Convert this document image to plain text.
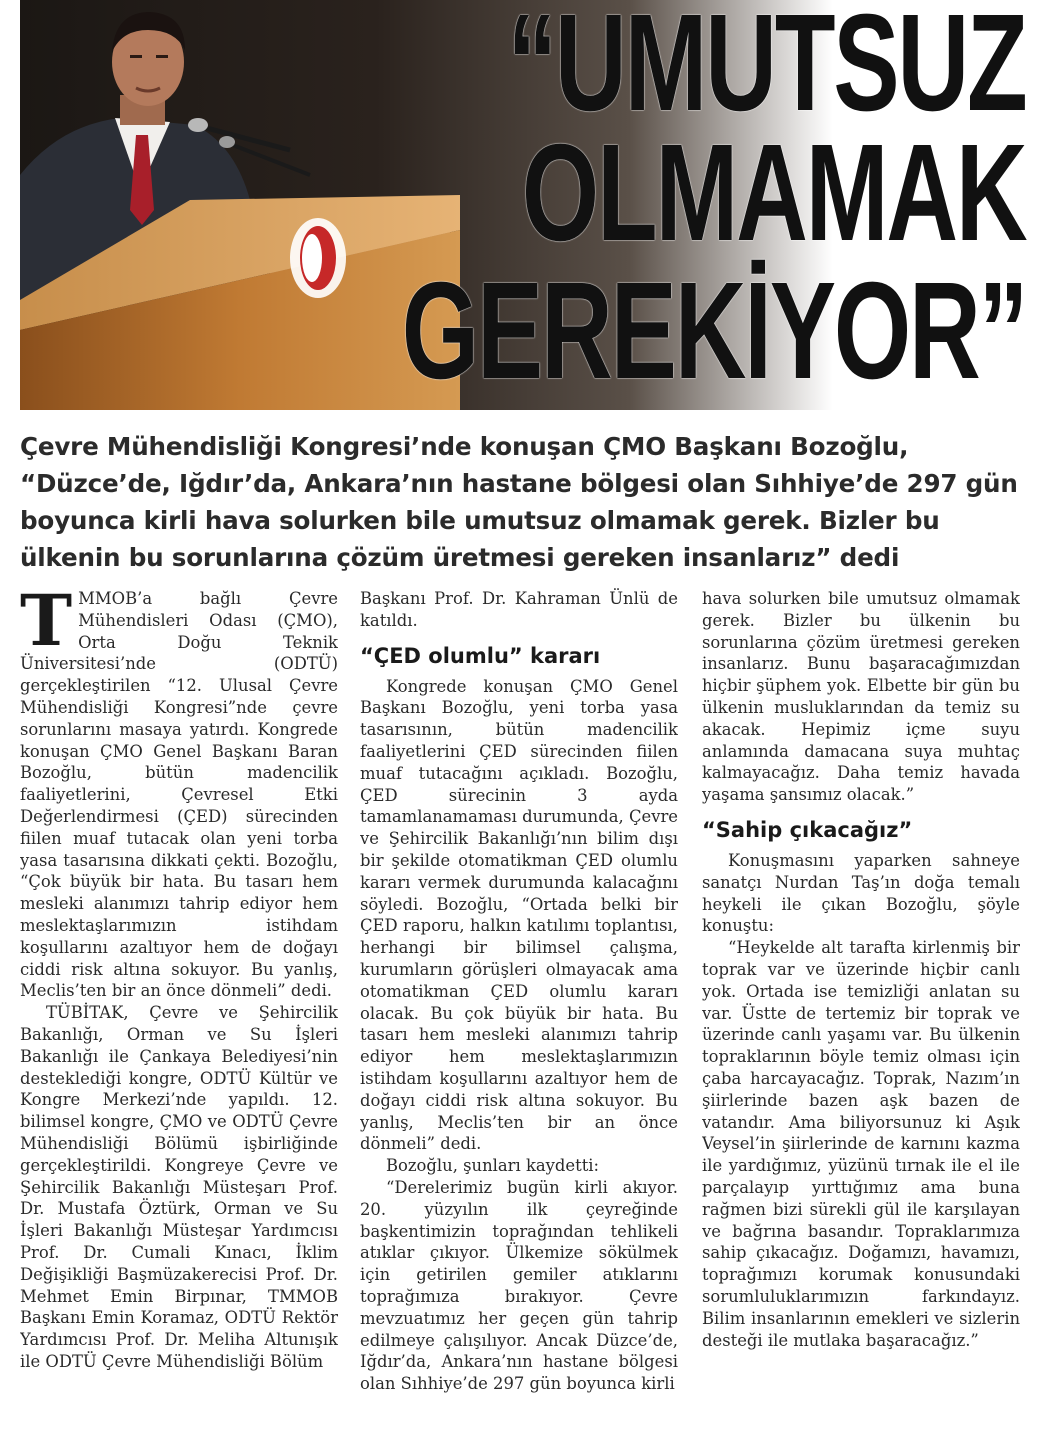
“UMUTSUZ
OLMAMAK
GEREKİYOR”
Çevre Mühendisliği Kongresi’nde konuşan ÇMO Başkanı Bozoğlu, “Düzce’de, Iğdır’da, Ankara’nın hastane bölgesi olan Sıhhiye’de 297 gün boyunca kirli hava solurken bile umutsuz olmamak gerek. Bizler bu ülkenin bu sorunlarına çözüm üretmesi gereken insanlarız” dedi

TMMOB’a bağlı Çevre Mühendisleri Odası (ÇMO), Orta Doğu Teknik Üniversitesi’nde (ODTÜ) gerçekleştirilen “12. Ulusal Çevre Mühendisliği Kongresi”nde çevre sorunlarını masaya yatırdı. Kongrede konuşan ÇMO Genel Başkanı Baran Bozoğlu, bütün madencilik faaliyetlerini, Çevresel Etki Değerlendirmesi (ÇED) sürecinden fiilen muaf tutacak olan yeni torba yasa tasarısına dikkati çekti. Bozoğlu, “Çok büyük bir hata. Bu tasarı hem mesleki alanımızı tahrip ediyor hem meslektaşlarımızın istihdam koşullarını azaltıyor hem de doğayı ciddi risk altına sokuyor. Bu yanlış, Meclis’ten bir an önce dönmeli” dedi.

TÜBİTAK, Çevre ve Şehircilik Bakanlığı, Orman ve Su İşleri Bakanlığı ile Çankaya Belediyesi’nin desteklediği kongre, ODTÜ Kültür ve Kongre Merkezi’nde yapıldı. 12. bilimsel kongre, ÇMO ve ODTÜ Çevre Mühendisliği Bölümü işbirliğinde gerçekleştirildi. Kongreye Çevre ve Şehircilik Bakanlığı Müsteşarı Prof. Dr. Mustafa Öztürk, Orman ve Su İşleri Bakanlığı Müsteşar Yardımcısı Prof. Dr. Cumali Kınacı, İklim Değişikliği Başmüzakerecisi Prof. Dr. Mehmet Emin Birpınar, TMMOB Başkanı Emin Koramaz, ODTÜ Rektör Yardımcısı Prof. Dr. Meliha Altunışık ile ODTÜ Çevre Mühendisliği Bölüm

Başkanı Prof. Dr. Kahraman Ünlü de katıldı.

“ÇED olumlu” kararı

Kongrede konuşan ÇMO Genel Başkanı Bozoğlu, yeni torba yasa tasarısının, bütün madencilik faaliyetlerini ÇED sürecinden fiilen muaf tutacağını açıkladı. Bozoğlu, ÇED sürecinin 3 ayda tamamlanamaması durumunda, Çevre ve Şehircilik Bakanlığı’nın bilim dışı bir şekilde otomatikman ÇED olumlu kararı vermek durumunda kalacağını söyledi. Bozoğlu, “Ortada belki bir ÇED raporu, halkın katılımı toplantısı, herhangi bir bilimsel çalışma, kurumların görüşleri olmayacak ama otomatikman ÇED olumlu kararı olacak. Bu çok büyük bir hata. Bu tasarı hem mesleki alanımızı tahrip ediyor hem meslektaşlarımızın istihdam koşullarını azaltıyor hem de doğayı ciddi risk altına sokuyor. Bu yanlış, Meclis’ten bir an önce dönmeli” dedi.

Bozoğlu, şunları kaydetti:

“Derelerimiz bugün kirli akıyor. 20. yüzyılın ilk çeyreğinde başkentimizin toprağından tehlikeli atıklar çıkıyor. Ülkemize sökülmek için getirilen gemiler atıklarını toprağımıza bırakıyor. Çevre mevzuatımız her geçen gün tahrip edilmeye çalışılıyor. Ancak Düzce’de, Iğdır’da, Ankara’nın hastane bölgesi olan Sıhhiye’de 297 gün boyunca kirli

hava solurken bile umutsuz olmamak gerek. Bizler bu ülkenin bu sorunlarına çözüm üretmesi gereken insanlarız. Bunu başaracağımızdan hiçbir şüphem yok. Elbette bir gün bu ülkenin musluklarından da temiz su akacak. Hepimiz içme suyu anlamında damacana suya muhtaç kalmayacağız. Daha temiz havada yaşama şansımız olacak.”

“Sahip çıkacağız”

Konuşmasını yaparken sahneye sanatçı Nurdan Taş’ın doğa temalı heykeli ile çıkan Bozoğlu, şöyle konuştu:

“Heykelde alt tarafta kirlenmiş bir toprak var ve üzerinde hiçbir canlı yok. Ortada ise temizliği anlatan su var. Üstte de tertemiz bir toprak ve üzerinde canlı yaşamı var. Bu ülkenin topraklarının böyle temiz olması için çaba harcayacağız. Toprak, Nazım’ın şiirlerinde bazen aşk bazen de vatandır. Ama biliyorsunuz ki Aşık Veysel’in şiirlerinde de karnını kazma ile yardığımız, yüzünü tırnak ile el ile parçalayıp yırttığımız ama buna rağmen bizi sürekli gül ile karşılayan ve bağrına basandır. Topraklarımıza sahip çıkacağız. Doğamızı, havamızı, toprağımızı korumak konusundaki sorumluluklarımızın farkındayız. Bilim insanlarının emekleri ve sizlerin desteği ile mutlaka başaracağız.”
